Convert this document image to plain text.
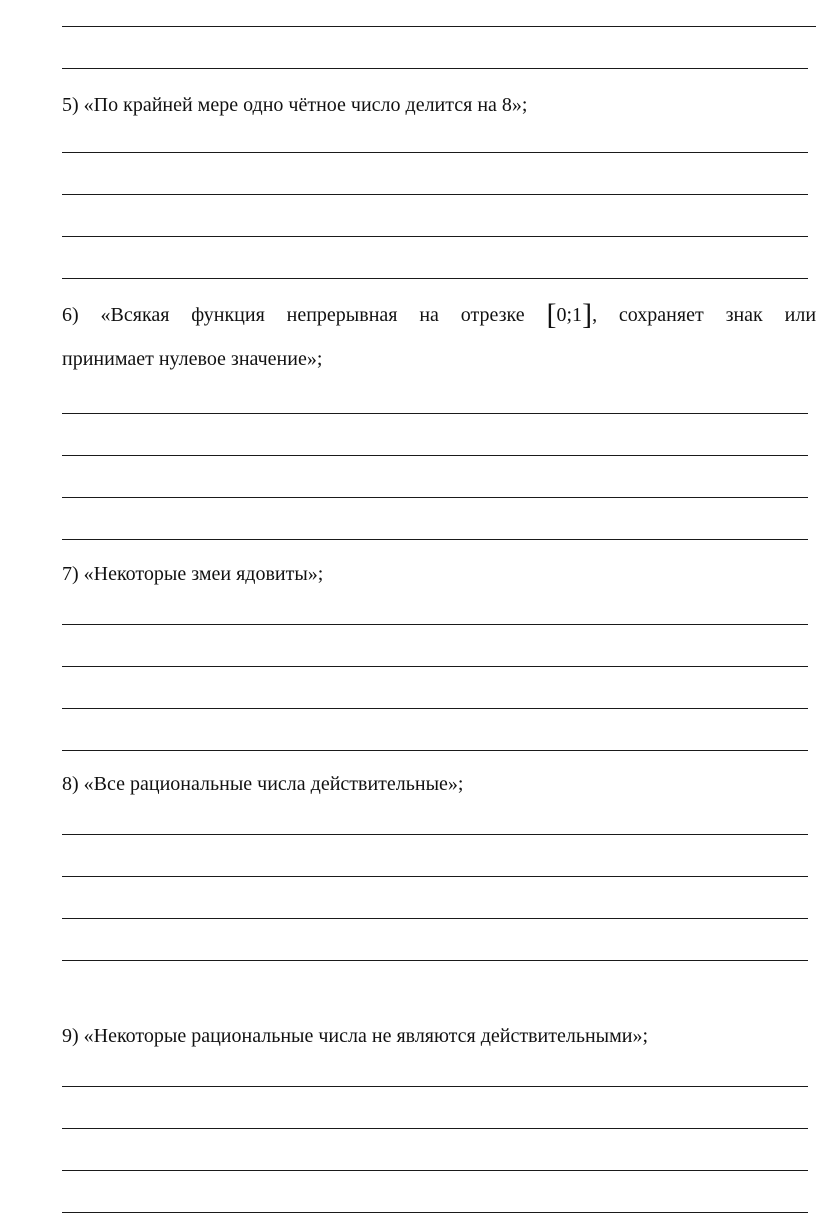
5) «По крайней мере одно чётное число делится на 8»;
6) «Всякая функция непрерывная на отрезке [0;1], сохраняет знак или
принимает нулевое значение»;
7) «Некоторые змеи ядовиты»;
8) «Все рациональные числа действительные»;
9) «Некоторые рациональные числа не являются действительными»;
